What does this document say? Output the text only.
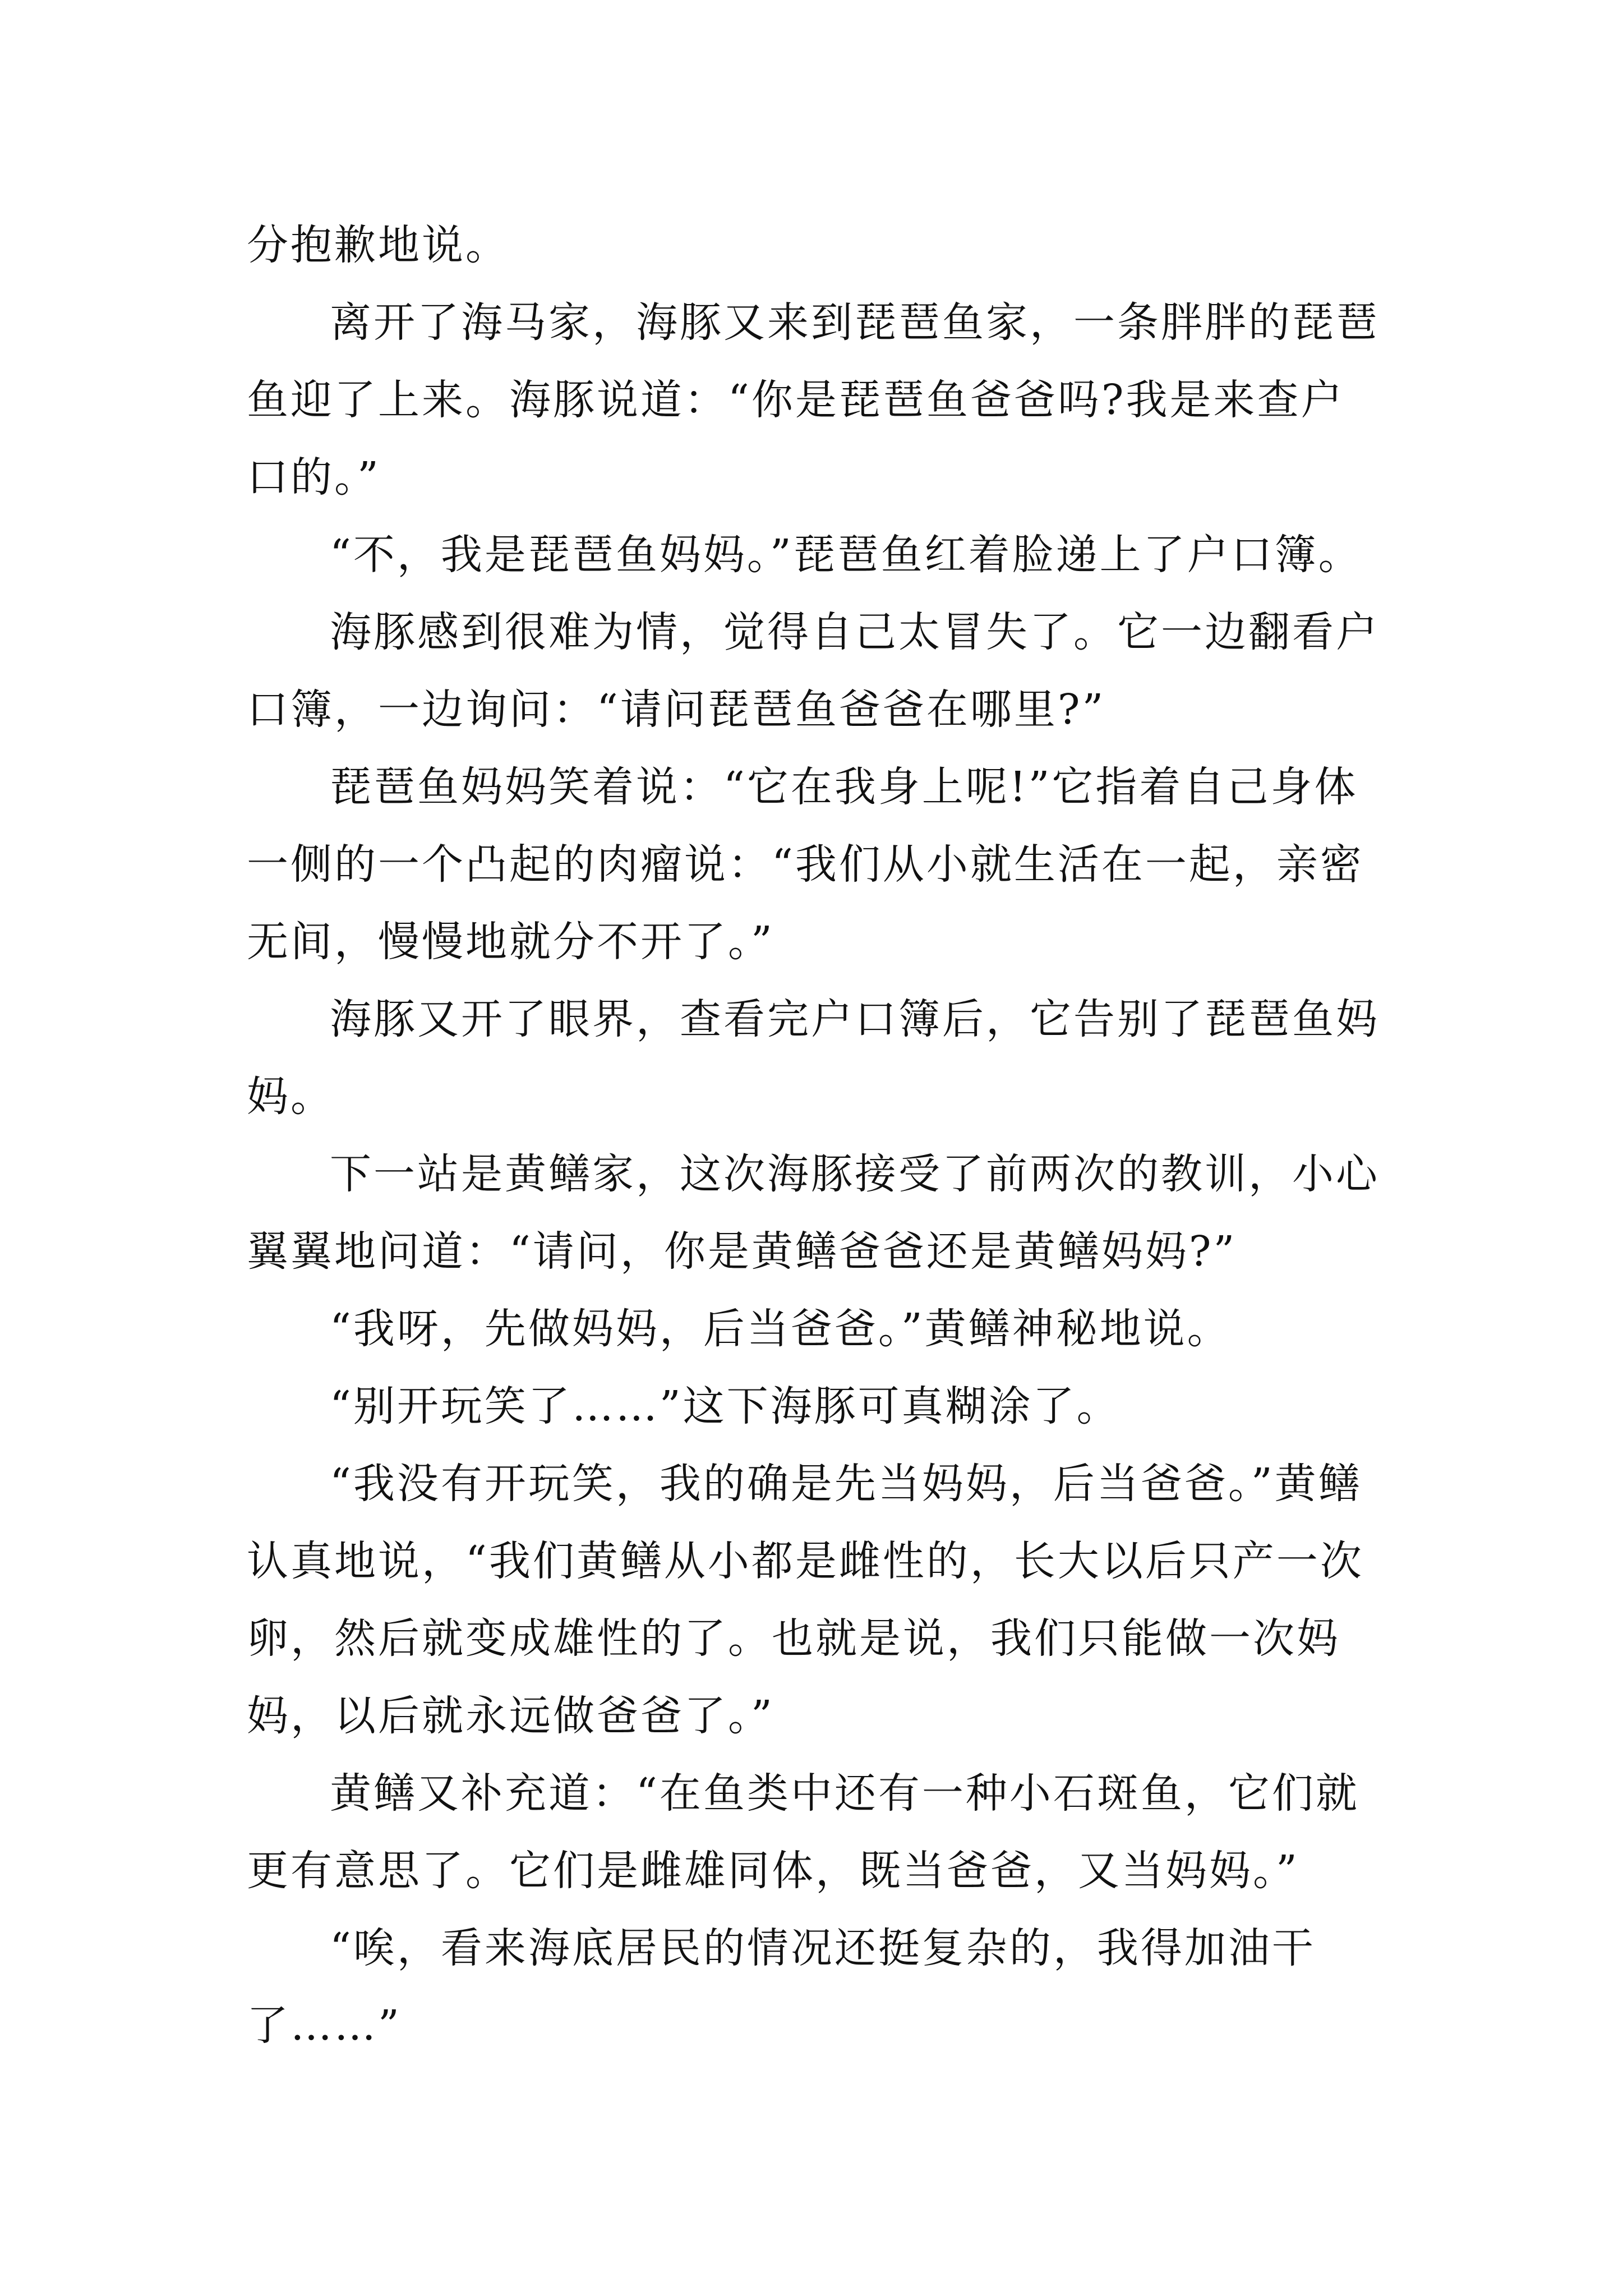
分抱歉地说。

离开了海马家，海豚又来到琵琶鱼家，一条胖胖的琵琶鱼迎了上来。海豚说道：“你是琵琶鱼爸爸吗?我是来查户口的。”

“不，我是琵琶鱼妈妈。”琵琶鱼红着脸递上了户口簿。

海豚感到很难为情，觉得自己太冒失了。它一边翻看户口簿，一边询问：“请问琵琶鱼爸爸在哪里?”

琵琶鱼妈妈笑着说：“它在我身上呢!”它指着自己身体一侧的一个凸起的肉瘤说：“我们从小就生活在一起，亲密无间，慢慢地就分不开了。”

海豚又开了眼界，查看完户口簿后，它告别了琵琶鱼妈妈。

下一站是黄鳝家，这次海豚接受了前两次的教训，小心翼翼地问道：“请问，你是黄鳝爸爸还是黄鳝妈妈?”

“我呀，先做妈妈，后当爸爸。”黄鳝神秘地说。

“别开玩笑了……”这下海豚可真糊涂了。

“我没有开玩笑，我的确是先当妈妈，后当爸爸。”黄鳝认真地说，“我们黄鳝从小都是雌性的，长大以后只产一次卵，然后就变成雄性的了。也就是说，我们只能做一次妈妈，以后就永远做爸爸了。”

黄鳝又补充道：“在鱼类中还有一种小石斑鱼，它们就更有意思了。它们是雌雄同体，既当爸爸，又当妈妈。”

“唉，看来海底居民的情况还挺复杂的，我得加油干了……”
